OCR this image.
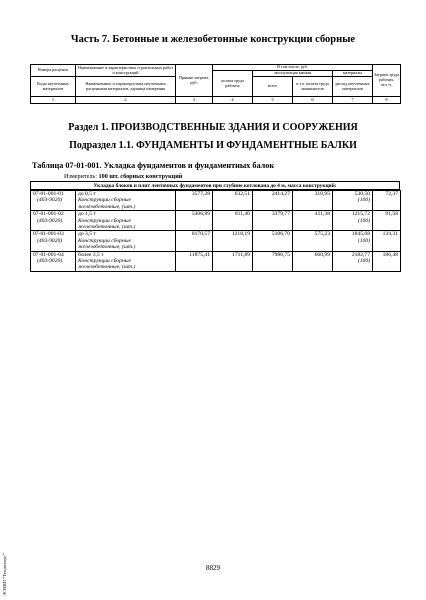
Часть 7. Бетонные и железобетонные конструкции сборные
Номера расценок	Наименование и характеристика строительных работ и конструкций	Прямые затраты, руб.	В том числе, руб.				Затраты труда рабочих, чел.-ч.
			оплата труда рабочих	эксплуатация машин		материалы	
Коды неучтенных материалов	Наименование и характеристика неучтенных расценками материалов, единица измерения			всего	в т.ч. оплата труда машинистов	расход неучтенных материалов	

1	2	3	4	5	6	7	8
Раздел 1. ПРОИЗВОДСТВЕННЫЕ ЗДАНИЯ И СООРУЖЕНИЯ
Подраздел 1.1. ФУНДАМЕНТЫ И ФУНДАМЕНТНЫЕ БАЛКИ
Таблица 07-01-001. Укладка фундаментов и фундаментных балок
Измеритель: 100 шт. сборных конструкций
Укладка блоков и плит ленточных фундаментов при глубине котлована до 4 м, масса конструкций:
07-01-001-01	до 0,5 т	3577,28	632,51	2414,27	310,95	530,50	72,37

(403-9020)	Конструкции сборные железобетонные, (шт.)					(100)	
07-01-001-02	до 1,5 т	5406,89	811,40	3379,77	411,38	1215,72	91,58

(403-9020)	Конструкции сборные железобетонные, (шт.)					(100)	
07-01-001-03	до 3,5 т	8170,57	1218,19	5106,70	575,23	1845,68	134,31

(403-9020)	Конструкции сборные железобетонные, (шт.)					(100)	
07-01-001-04	более 3,5 т	11875,41	1711,89	7980,75	660,99	2182,77	186,48

(403-9020)	Конструкции сборные железобетонные, (шт.)					(100)	
8829
ЭСНИП "Техэксперт"
